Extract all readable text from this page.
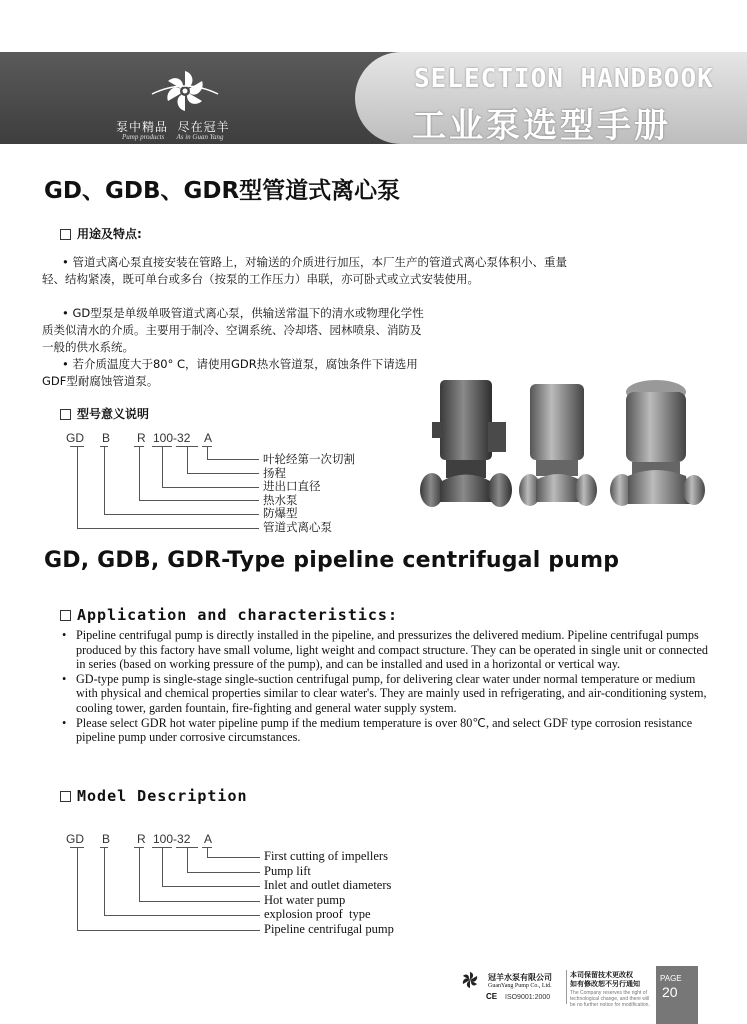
泵中精品  尽在冠羊
Pump products       As in Guan Yang
SELECTION HANDBOOK
工业泵选型手册
GD、GDB、GDR型管道式离心泵
用途及特点:
• 管道式离心泵直接安装在管路上，对输送的介质进行加压，本厂生产的管道式离心泵体积小、重量轻、结构紧凑，既可单台或多台（按泵的工作压力）串联，亦可卧式或立式安装使用。
• GD型泵是单级单吸管道式离心泵，供输送常温下的清水或物理化学性质类似清水的介质。主要用于制冷、空调系统、冷却塔、园林喷泉、消防及一般的供水系统。
• 若介质温度大于80° C，请使用GDR热水管道泵，腐蚀条件下请选用GDF型耐腐蚀管道泵。
型号意义说明
GD B R 100-32 A
叶轮经第一次切割
扬程
进出口直径
热水泵
防爆型
管道式离心泵
GD, GDB, GDR-Type pipeline centrifugal pump
Application and characteristics:
• Pipeline centrifugal pump is directly installed in the pipeline, and pressurizes the delivered medium. Pipeline centrifugal pumps produced by this factory have small volume, light weight and compact structure. They can be operated in single unit or connected in series (based on working pressure of the pump), and can be installed and used in a horizontal or vertical way.
• GD-type pump is single-stage single-suction centrifugal pump, for delivering clear water under normal temperature or medium with physical and chemical properties similar to clear water's. They are mainly used in refrigerating, and air-conditioning system, cooling tower, garden fountain, fire-fighting and general water supply system.
• Please select GDR hot water pipeline pump if the medium temperature is over 80℃, and select GDF type corrosion resistance pipeline pump under corrosive circumstances.
Model Description
GD B R 100-32 A
First cutting of impellers
Pump lift
Inlet and outlet diameters
Hot water pump
explosion proof  type
Pipeline centrifugal pump
冠羊水泵有限公司
GuanYang Pump Co., Ltd.
CE ISO9001:2000
本司保留技术更改权
如有修改恕不另行通知
The Company reserves the right of technological change, and there will be no further notice for modification.
PAGE
20
